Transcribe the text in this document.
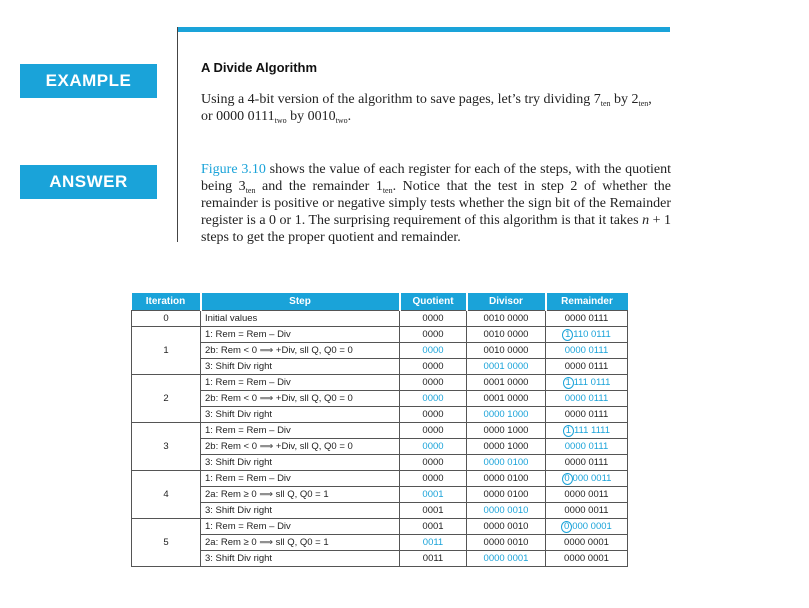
EXAMPLE
ANSWER
A Divide Algorithm
Using a 4-bit version of the algorithm to save pages, let’s try dividing $7_{ten}$ by $2_{ten}$,
or 0000 $0111_{two}$ by $0010_{two}$.
Figure 3.10 shows the value of each register for each of the steps, with the quotient being $3_{ten}$ and the remainder $1_{ten}$. Notice that the test in step 2 of whether the remainder is positive or negative simply tests whether the sign bit of the Remainder register is a 0 or 1. The surprising requirement of this algorithm is that it takes n + 1 steps to get the proper quotient and remainder.
Iteration	Step	Quotient	Divisor	Remainder
0	Initial values	0000	0010 0000	0000 0111
1	1: Rem = Rem – Div	0000	0010 0000	1 110 0111
	2b: Rem < 0 ⟹ +Div, sll Q, Q0 = 0	0000	0010 0000	0000 0111
	3: Shift Div right	0000	0001 0000	0000 0111
2	1: Rem = Rem – Div	0000	0001 0000	1 111 0111
	2b: Rem < 0 ⟹ +Div, sll Q, Q0 = 0	0000	0001 0000	0000 0111
	3: Shift Div right	0000	0000 1000	0000 0111
3	1: Rem = Rem – Div	0000	0000 1000	1 111 1111
	2b: Rem < 0 ⟹ +Div, sll Q, Q0 = 0	0000	0000 1000	0000 0111
	3: Shift Div right	0000	0000 0100	0000 0111
4	1: Rem = Rem – Div	0000	0000 0100	0 000 0011
	2a: Rem ≥ 0 ⟹ sll Q, Q0 = 1	0001	0000 0100	0000 0011
	3: Shift Div right	0001	0000 0010	0000 0011
5	1: Rem = Rem – Div	0001	0000 0010	0 000 0001
	2a: Rem ≥ 0 ⟹ sll Q, Q0 = 1	0011	0000 0010	0000 0001
	3: Shift Div right	0011	0000 0001	0000 0001
